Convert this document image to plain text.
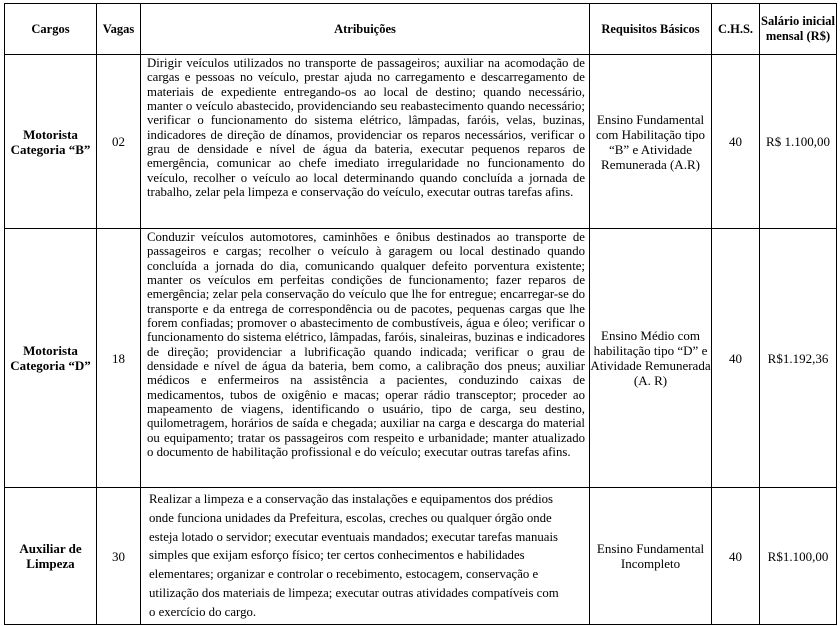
Cargos	Vagas	Atribuições	Requisitos Básicos	C.H.S.	Salário inicial mensal (R$)
Motorista Categoria “B”	02	Dirigir veículos utilizados no transporte de passageiros; auxiliar na acomodação de cargas e pessoas no veículo, prestar ajuda no carregamento e descarregamento de materiais de expediente entregando-os ao local de destino; quando necessário, manter o veículo abastecido, providenciando seu reabastecimento quando necessário; verificar o funcionamento do sistema elétrico, lâmpadas, faróis, velas, buzinas, indicadores de direção de dínamos, providenciar os reparos necessários, verificar o grau de densidade e nível de água da bateria, executar pequenos reparos de emergência, comunicar ao chefe imediato irregularidade no funcionamento do veículo, recolher o veículo ao local determinando quando concluída a jornada de trabalho, zelar pela limpeza e conservação do veículo, executar outras tarefas afins.	Ensino Fundamental com Habilitação tipo “B” e Atividade Remunerada (A.R)	40	R$ 1.100,00
Motorista Categoria “D”	18	Conduzir veículos automotores, caminhões e ônibus destinados ao transporte de passageiros e cargas; recolher o veículo à garagem ou local destinado quando concluída a jornada do dia, comunicando qualquer defeito porventura existente; manter os veículos em perfeitas condições de funcionamento; fazer reparos de emergência; zelar pela conservação do veículo que lhe for entregue; encarregar-se do transporte e da entrega de correspondência ou de pacotes, pequenas cargas que lhe forem confiadas; promover o abastecimento de combustíveis, água e óleo; verificar o funcionamento do sistema elétrico, lâmpadas, faróis, sinaleiras, buzinas e indicadores de direção; providenciar a lubrificação quando indicada; verificar o grau de densidade e nível de água da bateria, bem como, a calibração dos pneus; auxiliar médicos e enfermeiros na assistência a pacientes, conduzindo caixas de medicamentos, tubos de oxigênio e macas; operar rádio transceptor; proceder ao mapeamento de viagens, identificando o usuário, tipo de carga, seu destino, quilometragem, horários de saída e chegada; auxiliar na carga e descarga do material ou equipamento; tratar os passageiros com respeito e urbanidade; manter atualizado o documento de habilitação profissional e do veículo; executar outras tarefas afins.	Ensino Médio com habilitação tipo “D” e Atividade Remunerada (A. R)	40	R$1.192,36
Auxiliar de Limpeza	30	Realizar a limpeza e a conservação das instalações e equipamentos dos prédios onde funciona unidades da Prefeitura, escolas, creches ou qualquer órgão onde esteja lotado o servidor; executar eventuais mandados; executar tarefas manuais simples que exijam esforço físico; ter certos conhecimentos e habilidades elementares; organizar e controlar o recebimento, estocagem, conservação e utilização dos materiais de limpeza; executar outras atividades compatíveis com o exercício do cargo.	Ensino Fundamental Incompleto	40	R$1.100,00
